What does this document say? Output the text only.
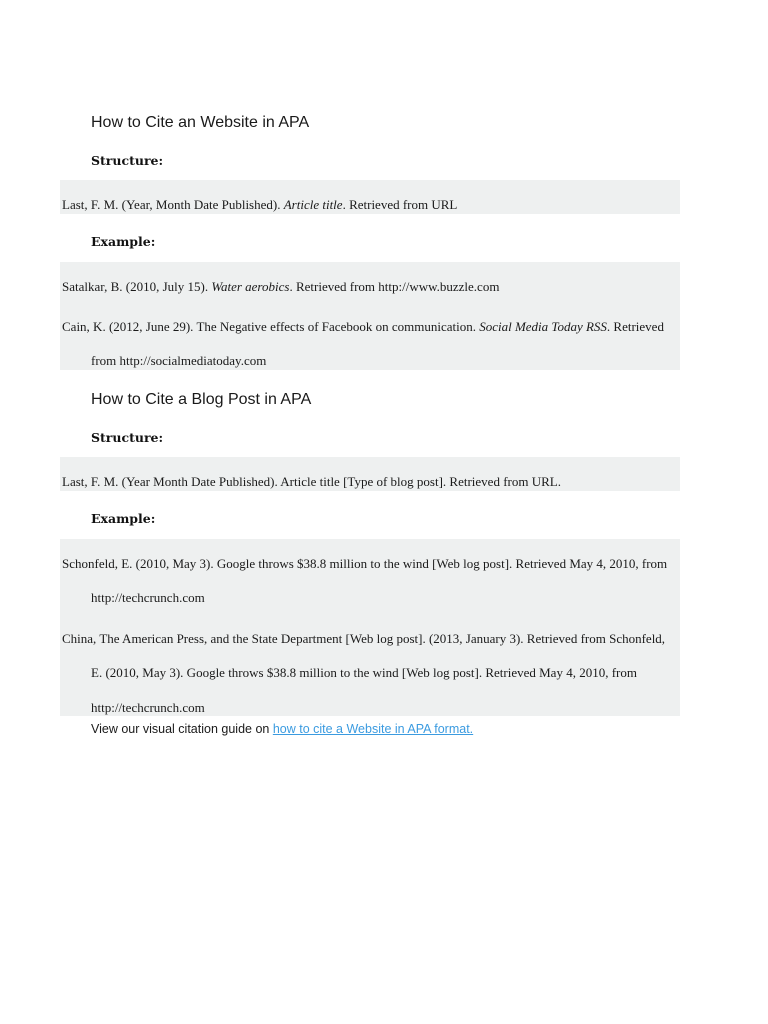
How to Cite an Website in APA
Structure:
Last, F. M. (Year, Month Date Published). Article title. Retrieved from URL
Example:
Satalkar, B. (2010, July 15). Water aerobics. Retrieved from http://www.buzzle.com
Cain, K. (2012, June 29). The Negative effects of Facebook on communication. Social Media Today RSS. Retrieved
from http://socialmediatoday.com
How to Cite a Blog Post in APA
Structure:
Last, F. M. (Year Month Date Published). Article title [Type of blog post]. Retrieved from URL.
Example:
Schonfeld, E. (2010, May 3). Google throws $38.8 million to the wind [Web log post]. Retrieved May 4, 2010, from
http://techcrunch.com
China, The American Press, and the State Department [Web log post]. (2013, January 3). Retrieved from Schonfeld,
E. (2010, May 3). Google throws $38.8 million to the wind [Web log post]. Retrieved May 4, 2010, from
http://techcrunch.com
View our visual citation guide on how to cite a Website in APA format.
